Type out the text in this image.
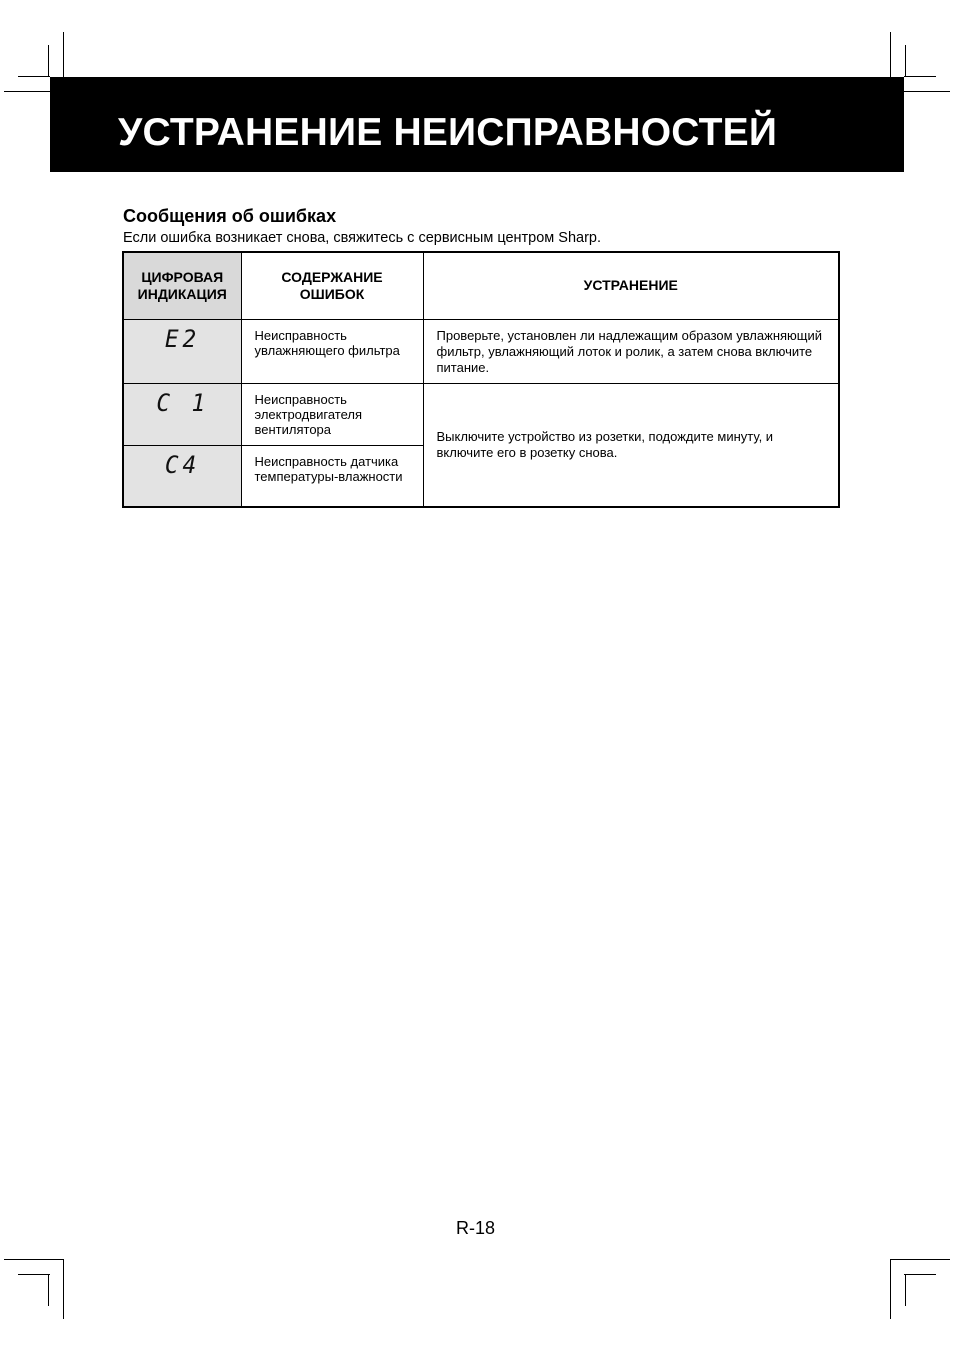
УСТРАНЕНИЕ НЕИСПРАВНОСТЕЙ
Сообщения об ошибках
Если ошибка возникает снова, свяжитесь с сервисным центром Sharp.
ЦИФРОВАЯ ИНДИКАЦИЯ	СОДЕРЖАНИЕ ОШИБОК	УСТРАНЕНИЕ
E2	Неисправность увлажняющего фильтра	Проверьте, установлен ли надлежащим образом увлажняющий фильтр, увлажняющий лоток и ролик, а затем снова включите питание.
C 1	Неисправность электродвигателя вентилятора	Выключите устройство из розетки, подождите минуту, и включите его в розетку снова.
C4	Неисправность датчика температуры-влажности	
R-18
